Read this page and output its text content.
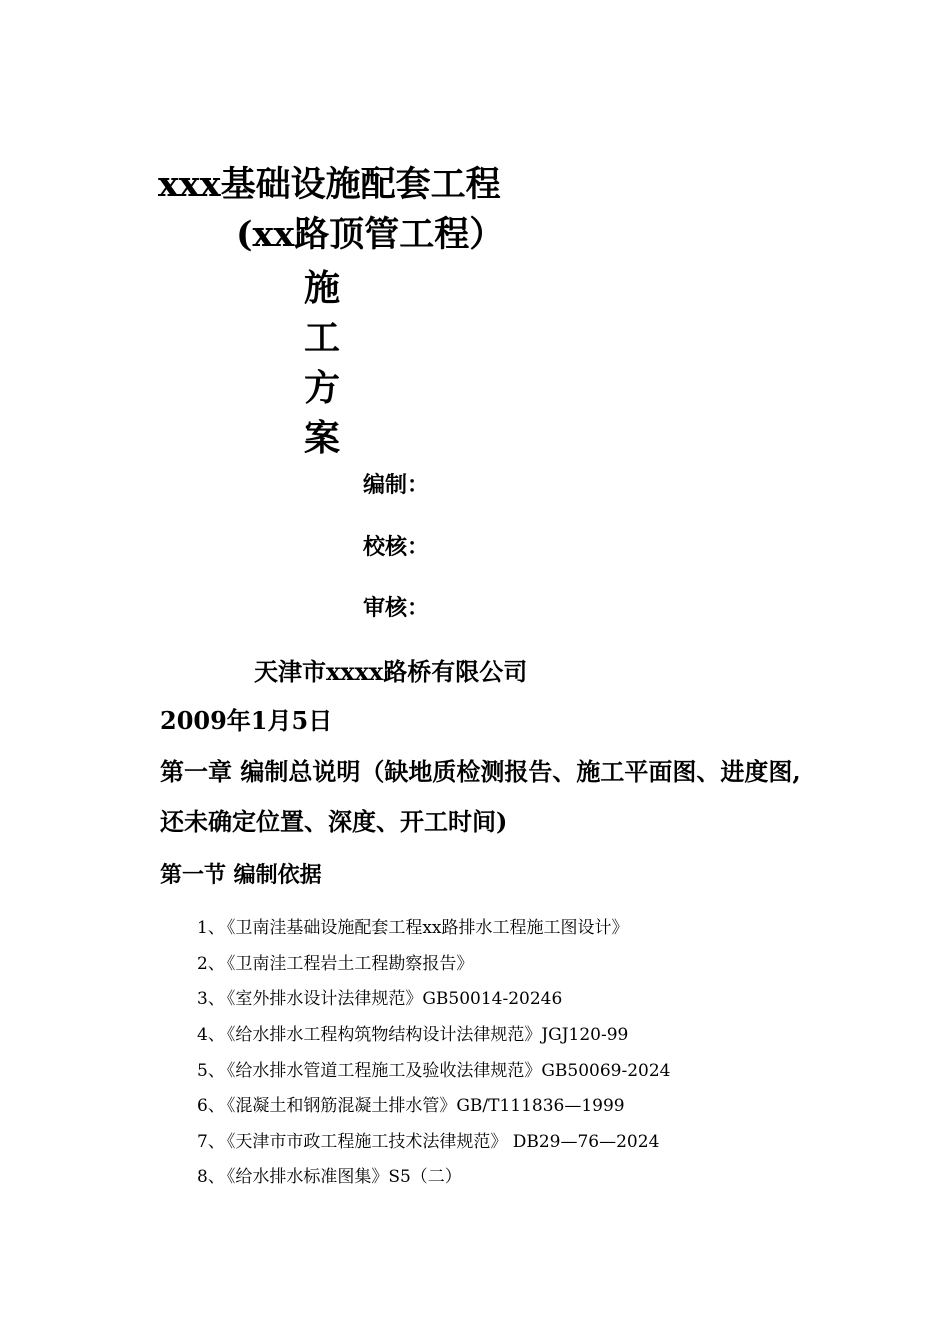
xxx基础设施配套工程
(xx路顶管工程）
施
工
方
案
编制：
校核：
审核：
天津市xxxx路桥有限公司
2009年1月5日
第一章 编制总说明（缺地质检测报告、施工平面图、进度图,
还未确定位置、深度、开工时间)
第一节 编制依据
1、 《卫南洼基础设施配套工程xx路排水工程施工图设计》
2、 《卫南洼工程岩土工程勘察报告》
3、 《室外排水设计法律规范》GB50014-20246
4、 《给水排水工程构筑物结构设计法律规范》JGJ120-99
5、 《给水排水管道工程施工及验收法律规范》GB50069-2024
6、 《混凝土和钢筋混凝土排水管》GB/T111836—1999
7、 《天津市市政工程施工技术法律规范》 DB29—76—2024
8、 《给水排水标准图集》S5（二）
